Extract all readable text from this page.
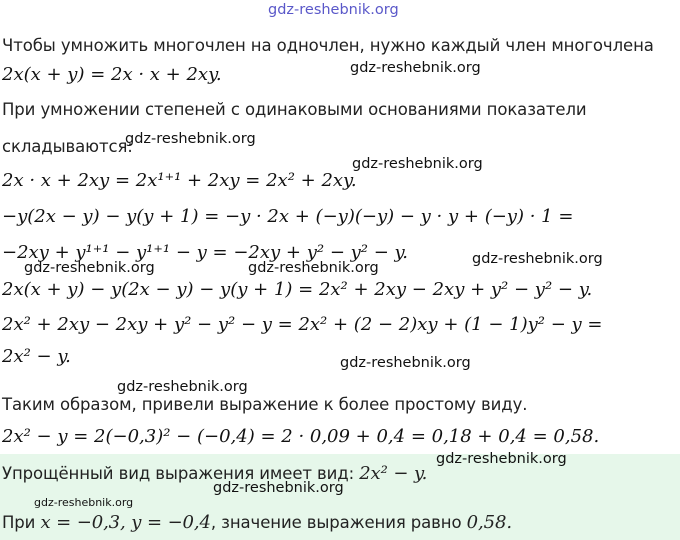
gdz-reshebnik.org
Чтобы умножить многочлен на одночлен, нужно каждый член многочлена
2x(x + y) = 2x · x + 2xy.	gdz-reshebnik.org
При умножении степеней с одинаковыми основаниями показатели
складываются:
gdz-reshebnik.org
2x · x + 2xy = 2x¹⁺¹ + 2xy = 2x² + 2xy.
gdz-reshebnik.org
−y(2x − y) − y(y + 1) = −y · 2x + (−y)(−y) − y · y + (−y) · 1 =
−2xy + y¹⁺¹ − y¹⁺¹ − y = −2xy + y² − y² − y.	gdz-reshebnik.org
gdz-reshebnik.org	gdz-reshebnik.org
2x(x + y) − y(2x − y) − y(y + 1) = 2x² + 2xy − 2xy + y² − y² − y.
2x² + 2xy − 2xy + y² − y² − y = 2x² + (2 − 2)xy + (1 − 1)y² − y =
2x² − y.	gdz-reshebnik.org
gdz-reshebnik.org
Таким образом, привели выражение к более простому виду.
2x² − y = 2(−0,3)² − (−0,4) = 2 · 0,09 + 0,4 = 0,18 + 0,4 = 0,58.
Упрощённый вид выражения имеет вид: 2x² − y.
gdz-reshebnik.org
gdz-reshebnik.org
gdz-reshebnik.org
При x = −0,3, y = −0,4, значение выражения равно 0,58.
